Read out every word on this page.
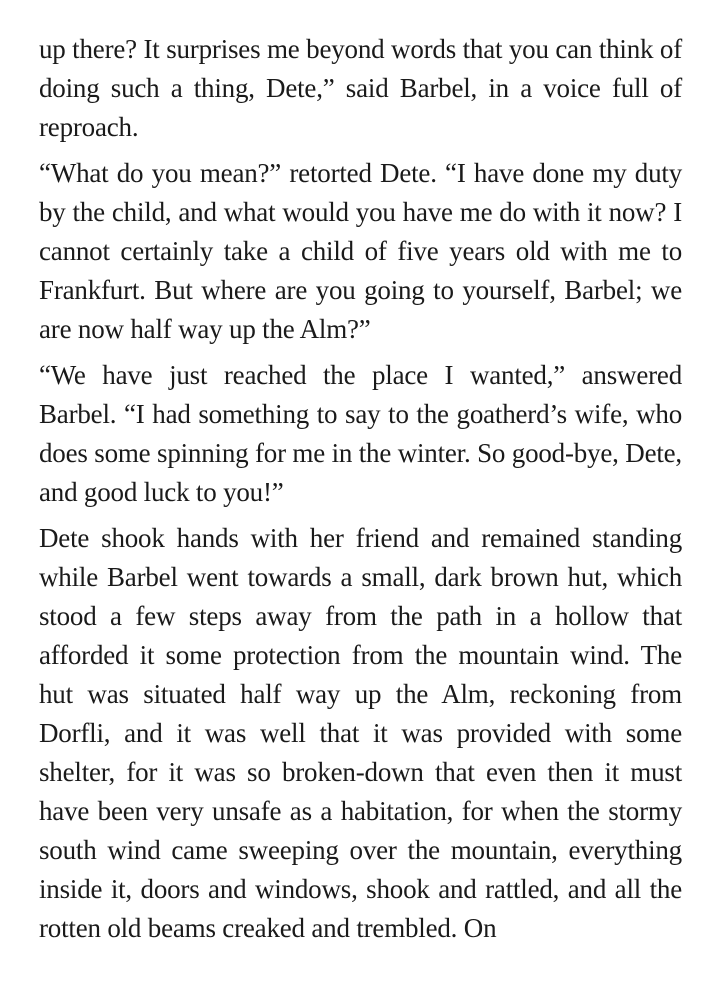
up there? It surprises me beyond words that you can think of doing such a thing, Dete,” said Barbel, in a voice full of reproach.

“What do you mean?” retorted Dete. “I have done my duty by the child, and what would you have me do with it now? I cannot certainly take a child of five years old with me to Frankfurt. But where are you going to yourself, Barbel; we are now half way up the Alm?”

“We have just reached the place I wanted,” answered Barbel. “I had something to say to the goatherd’s wife, who does some spinning for me in the winter. So good-bye, Dete, and good luck to you!”

Dete shook hands with her friend and remained standing while Barbel went towards a small, dark brown hut, which stood a few steps away from the path in a hollow that afforded it some protection from the mountain wind. The hut was situated half way up the Alm, reckoning from Dorfli, and it was well that it was provided with some shelter, for it was so broken-down that even then it must have been very unsafe as a habitation, for when the stormy south wind came sweeping over the mountain, everything inside it, doors and windows, shook and rattled, and all the rotten old beams creaked and trembled. On
